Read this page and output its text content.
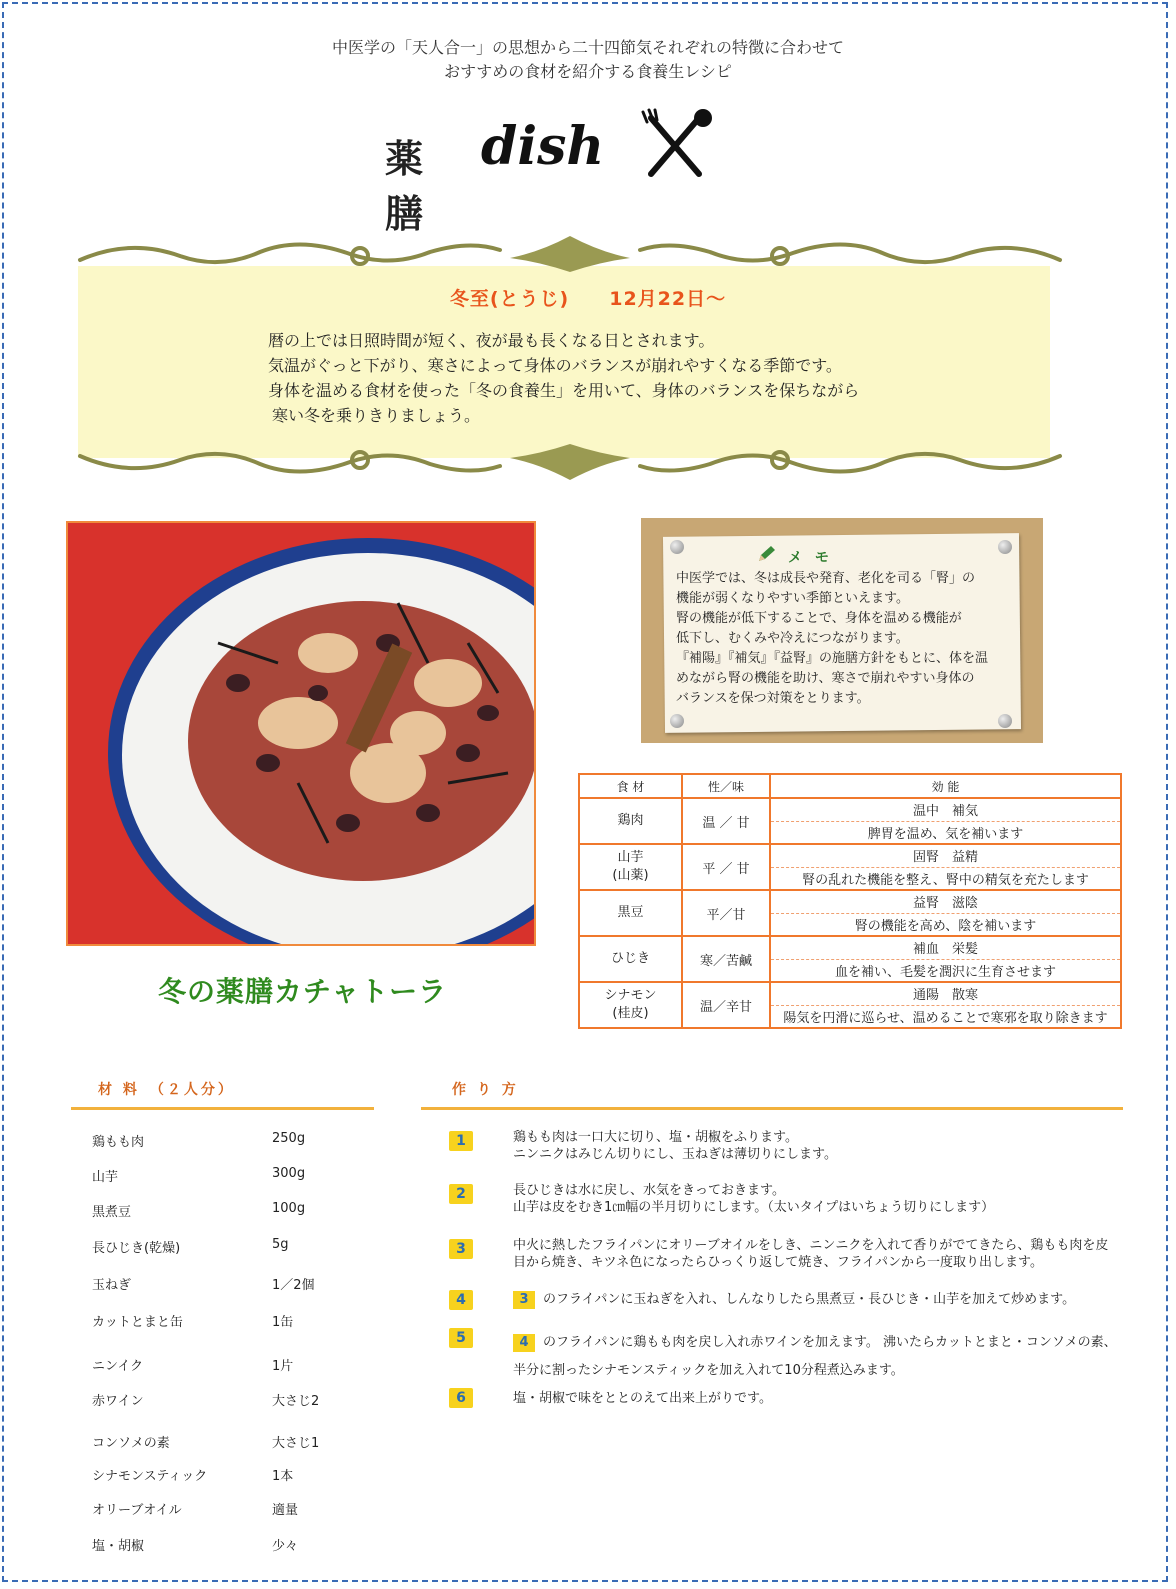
中医学の「天人合一」の思想から二十四節気それぞれの特徴に合わせて
おすすめの食材を紹介する食養生レシピ
薬膳
dish
冬至(とうじ)　　12月22日～
暦の上では日照時間が短く、夜が最も長くなる日とされます。
気温がぐっと下がり、寒さによって身体のバランスが崩れやすくなる季節です。
身体を温める食材を使った「冬の食養生」を用いて、身体のバランスを保ちながら
寒い冬を乗りきりましょう。
冬の薬膳カチャトーラ
メ モ
中医学では、冬は成長や発育、老化を司る「腎」の
機能が弱くなりやすい季節といえます。
腎の機能が低下することで、身体を温める機能が
低下し、むくみや冷えにつながります。
『補陽』『補気』『益腎』の施膳方針をもとに、体を温
めながら腎の機能を助け、寒さで崩れやすい身体の
バランスを保つ対策をとります。
食 材	性／味	効 能
鶏肉	温 ／ 甘	温中　補気
		脾胃を温め、気を補います
山芋
(山薬)	平 ／ 甘	固腎　益精
		腎の乱れた機能を整え、腎中の精気を充たします
黒豆	平／甘	益腎　滋陰
		腎の機能を高め、陰を補います
ひじき	寒／苦鹹	補血　栄髪
		血を補い、毛髪を潤沢に生育させます
シナモン
(桂皮)	温／辛甘	通陽　散寒
		陽気を円滑に巡らせ、温めることで寒邪を取り除きます
材 料　（２人分）	作 り 方
鶏もも肉	250g
山芋	300g
黒煮豆	100g
長ひじき(乾燥)	5g
玉ねぎ	1／2個
カットとまと缶	1缶
ニンイク	1片
赤ワイン	大さじ2
コンソメの素	大さじ1
シナモンスティック	1本
オリーブオイル	適量
塩・胡椒	少々
1	鶏もも肉は一口大に切り、塩・胡椒をふります。
ニンニクはみじん切りにし、玉ねぎは薄切りにします。
2	長ひじきは水に戻し、水気をきっておきます。
山芋は皮をむき1㎝幅の半月切りにします。（太いタイプはいちょう切りにします）
3	中火に熱したフライパンにオリーブオイルをしき、ニンニクを入れて香りがでてきたら、鶏もも肉を皮
目から焼き、キツネ色になったらひっくり返して焼き、フライパンから一度取り出します。
4	3 のフライパンに玉ねぎを入れ、しんなりしたら黒煮豆・長ひじき・山芋を加えて炒めます。
5	4 のフライパンに鶏もも肉を戻し入れ赤ワインを加えます。 沸いたらカットとまと・コンソメの素、
半分に割ったシナモンスティックを加え入れて10分程煮込みます。
6	塩・胡椒で味をととのえて出来上がりです。
